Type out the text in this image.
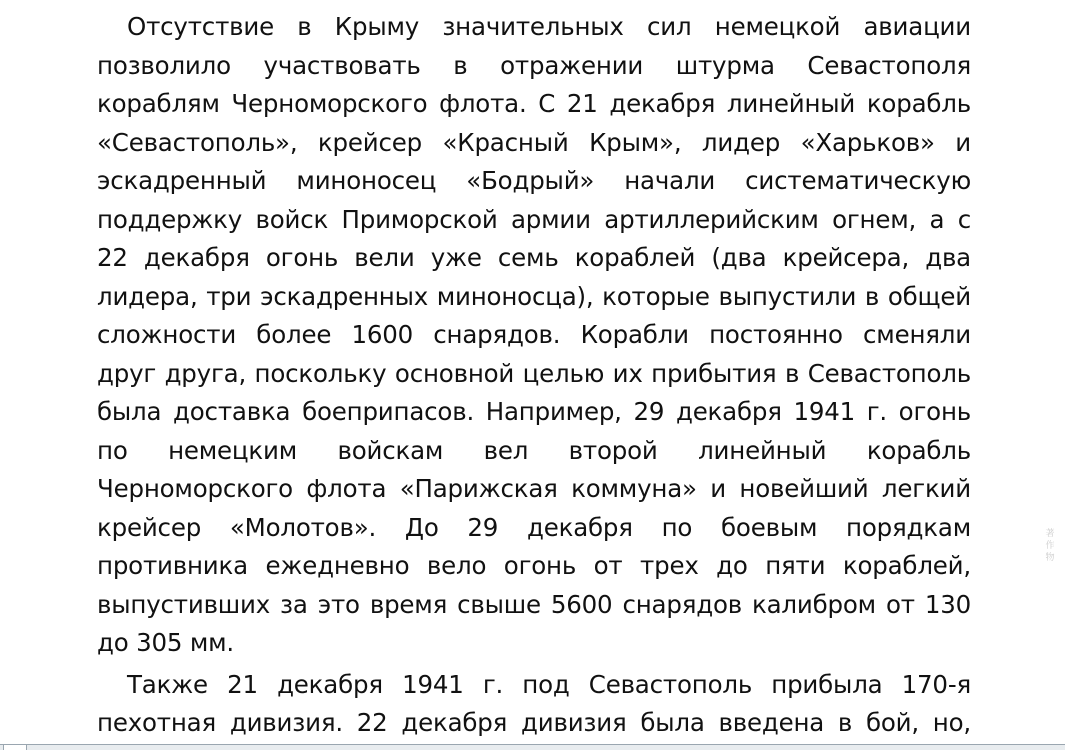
Отсутствие в Крыму значительных сил немецкой авиации
позволило участвовать в отражении штурма Севастополя
кораблям Черноморского флота. С 21 декабря линейный корабль
«Севастополь», крейсер «Красный Крым», лидер «Харьков» и
эскадренный миноносец «Бодрый» начали систематическую
поддержку войск Приморской армии артиллерийским огнем, а с
22 декабря огонь вели уже семь кораблей (два крейсера, два
лидера, три эскадренных миноносца), которые выпустили в общей
сложности более 1600 снарядов. Корабли постоянно сменяли
друг друга, поскольку основной целью их прибытия в Севастополь
была доставка боеприпасов. Например, 29 декабря 1941 г. огонь
по немецким войскам вел второй линейный корабль
Черноморского флота «Парижская коммуна» и новейший легкий
крейсер «Молотов». До 29 декабря по боевым порядкам
противника ежедневно вело огонь от трех до пяти кораблей,
выпустивших за это время свыше 5600 снарядов калибром от 130
до 305 мм.
Также 21 декабря 1941 г. под Севастополь прибыла 170-я
пехотная дивизия. 22 декабря дивизия была введена в бой, но,
著作物
